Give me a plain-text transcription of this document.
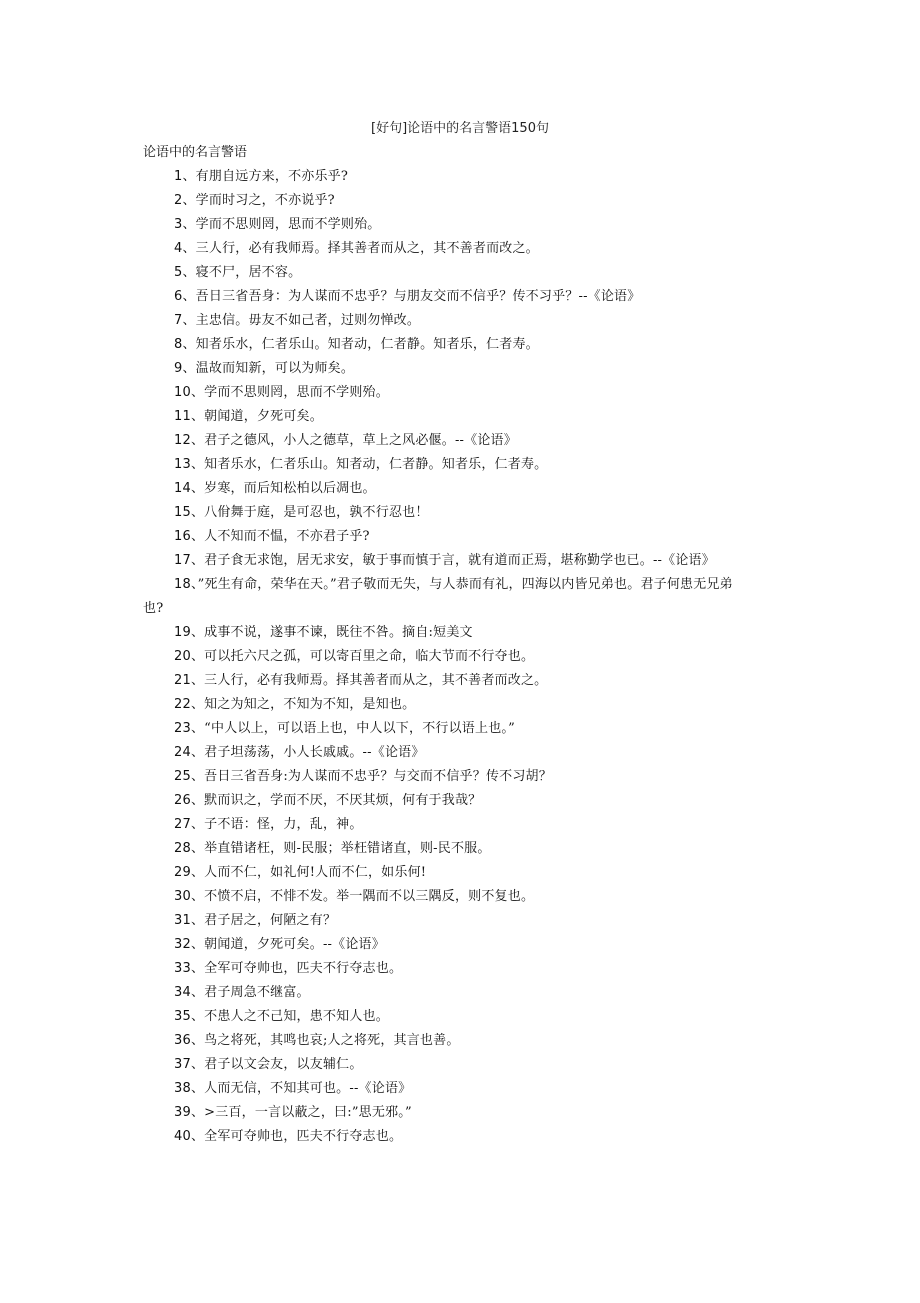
[好句]论语中的名言警语150句
论语中的名言警语
1、有朋自远方来，不亦乐乎?
2、学而时习之，不亦说乎?
3、学而不思则罔，思而不学则殆。
4、三人行，必有我师焉。择其善者而从之，其不善者而改之。
5、寝不尸，居不容。
6、吾日三省吾身：为人谋而不忠乎？与朋友交而不信乎？传不习乎？--《论语》
7、主忠信。毋友不如己者，过则勿惮改。
8、知者乐水，仁者乐山。知者动，仁者静。知者乐，仁者寿。
9、温故而知新，可以为师矣。
10、学而不思则罔，思而不学则殆。
11、朝闻道，夕死可矣。
12、君子之德风，小人之德草，草上之风必偃。--《论语》
13、知者乐水，仁者乐山。知者动，仁者静。知者乐，仁者寿。
14、岁寒，而后知松柏以后凋也。
15、八佾舞于庭，是可忍也，孰不行忍也！
16、人不知而不愠，不亦君子乎?
17、君子食无求饱，居无求安，敏于事而慎于言，就有道而正焉，堪称勤学也已。--《论语》
18、”死生有命，荣华在天。”君子敬而无失，与人恭而有礼，四海以内皆兄弟也。君子何患无兄弟也?
19、成事不说，遂事不谏，既往不咎。摘自:短美文
20、可以托六尺之孤，可以寄百里之命，临大节而不行夺也。
21、三人行，必有我师焉。择其善者而从之，其不善者而改之。
22、知之为知之，不知为不知，是知也。
23、“中人以上，可以语上也，中人以下，不行以语上也。”
24、君子坦荡荡，小人长戚戚。--《论语》
25、吾日三省吾身:为人谋而不忠乎？与交而不信乎？传不习胡？
26、默而识之，学而不厌，不厌其烦，何有于我哉？
27、子不语：怪，力，乱，神。
28、举直错诸枉，则-民服；举枉错诸直，则-民不服。
29、人而不仁，如礼何!人而不仁，如乐何!
30、不愤不启，不悱不发。举一隅而不以三隅反，则不复也。
31、君子居之，何陋之有？
32、朝闻道，夕死可矣。--《论语》
33、全军可夺帅也，匹夫不行夺志也。
34、君子周急不继富。
35、不患人之不己知，患不知人也。
36、鸟之将死，其鸣也哀;人之将死，其言也善。
37、君子以文会友，以友辅仁。
38、人而无信，不知其可也。--《论语》
39、>三百，一言以蔽之，曰:”思无邪。”
40、全军可夺帅也，匹夫不行夺志也。
